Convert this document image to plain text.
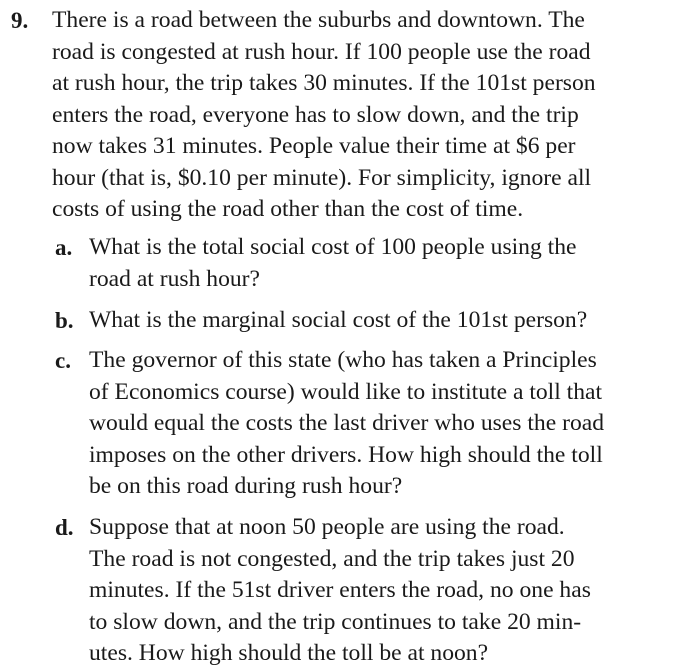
9. There is a road between the suburbs and downtown. The
road is congested at rush hour. If 100 people use the road
at rush hour, the trip takes 30 minutes. If the 101st person
enters the road, everyone has to slow down, and the trip
now takes 31 minutes. People value their time at $6 per
hour (that is, $0.10 per minute). For simplicity, ignore all
costs of using the road other than the cost of time.
a. What is the total social cost of 100 people using the
road at rush hour?
b. What is the marginal social cost of the 101st person?
c. The governor of this state (who has taken a Principles
of Economics course) would like to institute a toll that
would equal the costs the last driver who uses the road
imposes on the other drivers. How high should the toll
be on this road during rush hour?
d. Suppose that at noon 50 people are using the road.
The road is not congested, and the trip takes just 20
minutes. If the 51st driver enters the road, no one has
to slow down, and the trip continues to take 20 min-
utes. How high should the toll be at noon?
